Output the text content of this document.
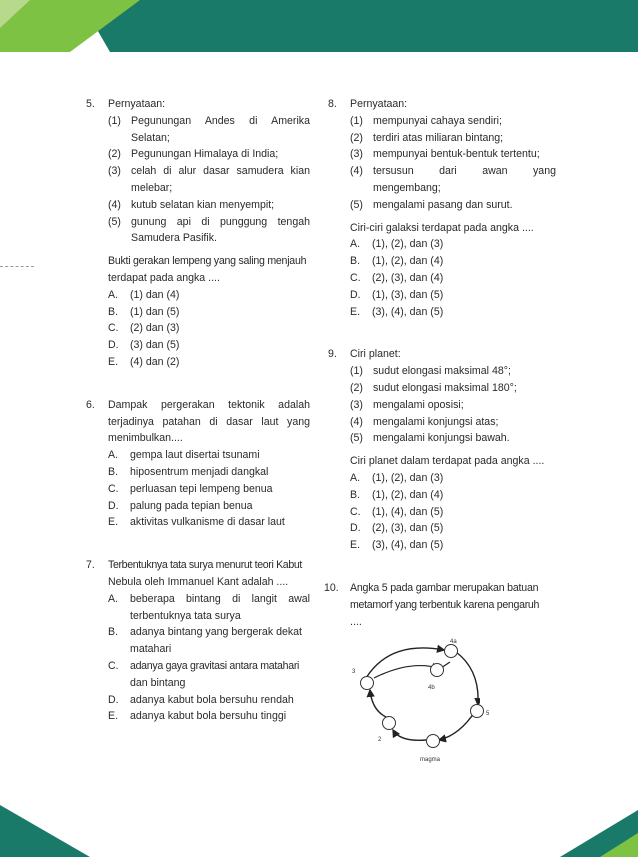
5.	Pernyataan:
(1) Pegunungan Andes di Amerika
Selatan;
(2) Pegunungan Himalaya di India;
(3) celah di alur dasar samudera kian
melebar;
(4) kutub selatan kian menyempit;
(5) gunung api di punggung tengah
Samudera Pasifik.
Bukti gerakan lempeng yang saling menjauh
terdapat pada angka ....
A.	(1) dan (4)
B.	(1) dan (5)
C.	(2) dan (3)
D.	(3) dan (5)
E.	(4) dan (2)
6.	Dampak pergerakan tektonik adalah
terjadinya patahan di dasar laut yang
menimbulkan....
A.	gempa laut disertai tsunami
B.	hiposentrum menjadi dangkal
C.	perluasan tepi lempeng benua
D.	palung pada tepian benua
E.	aktivitas vulkanisme di dasar laut
7.	Terbentuknya tata surya menurut teori Kabut
Nebula oleh Immanuel Kant adalah ....
A.	beberapa bintang di langit awal
terbentuknya tata surya
B.	adanya bintang yang bergerak dekat
matahari
C.	adanya gaya gravitasi antara matahari
dan bintang
D.	adanya kabut bola bersuhu rendah
E.	adanya kabut bola bersuhu tinggi
8.	Pernyataan:
(1) mempunyai cahaya sendiri;
(2) terdiri atas miliaran bintang;
(3) mempunyai bentuk-bentuk tertentu;
(4) tersusun dari awan yang
mengembang;
(5) mengalami pasang dan surut.
Ciri-ciri galaksi terdapat pada angka ....
A.	(1), (2), dan (3)
B.	(1), (2), dan (4)
C.	(2), (3), dan (4)
D.	(1), (3), dan (5)
E.	(3), (4), dan (5)
9.	Ciri planet:
(1) sudut elongasi maksimal 48°;
(2) sudut elongasi maksimal 180°;
(3) mengalami oposisi;
(4) mengalami konjungsi atas;
(5) mengalami konjungsi bawah.
Ciri planet dalam terdapat pada angka ....
A.	(1), (2), dan (3)
B.	(1), (2), dan (4)
C.	(1), (4), dan (5)
D.	(2), (3), dan (5)
E.	(3), (4), dan (5)
10.	Angka 5 pada gambar merupakan batuan
metamorf yang terbentuk karena pengaruh
....
4a
3
4b
5
2
magma
